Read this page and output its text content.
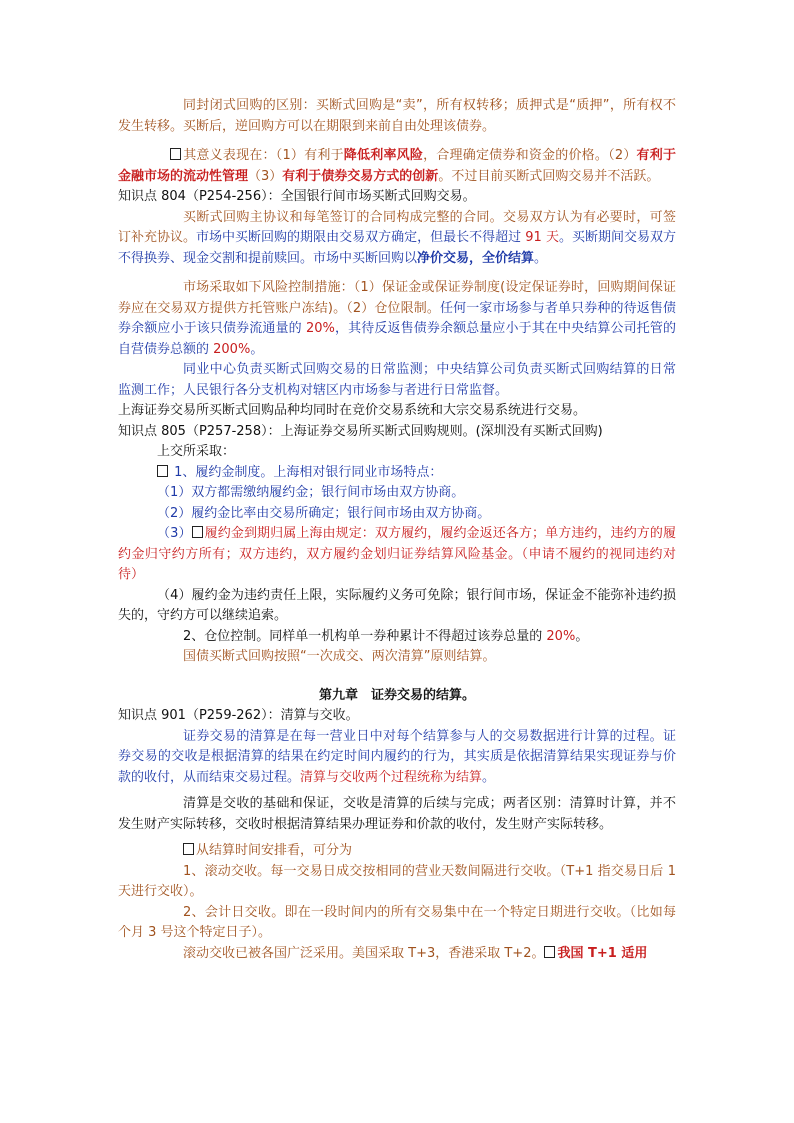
同封闭式回购的区别：买断式回购是“卖”，所有权转移；质押式是“质押”，所有权不发生转移。买断后，逆回购方可以在期限到来前自由处理该债券。

其意义表现在：（1）有利于降低利率风险，合理确定债券和资金的价格。（2）有利于金融市场的流动性管理（3）有利于债券交易方式的创新。不过目前买断式回购交易并不活跃。

知识点 804（P254-256）：全国银行间市场买断式回购交易。

买断式回购主协议和每笔签订的合同构成完整的合同。交易双方认为有必要时，可签订补充协议。市场中买断回购的期限由交易双方确定，但最长不得超过 91 天。买断期间交易双方不得换券、现金交割和提前赎回。市场中买断回购以净价交易，全价结算。

市场采取如下风险控制措施：（1）保证金或保证券制度(设定保证券时，回购期间保证券应在交易双方提供方托管账户冻结)。（2）仓位限制。任何一家市场参与者单只券种的待返售债券余额应小于该只债券流通量的 20%，其待反返售债券余额总量应小于其在中央结算公司托管的自营债券总额的 200%。

同业中心负责买断式回购交易的日常监测；中央结算公司负责买断式回购结算的日常监测工作；人民银行各分支机构对辖区内市场参与者进行日常监督。

上海证券交易所买断式回购品种均同时在竞价交易系统和大宗交易系统进行交易。

知识点 805（P257-258）：上海证券交易所买断式回购规则。(深圳没有买断式回购)

上交所采取：

1、履约金制度。上海相对银行同业市场特点：

（1）双方都需缴纳履约金；银行间市场由双方协商。

（2）履约金比率由交易所确定；银行间市场由双方协商。

（3） 履约金到期归属上海由规定：双方履约，履约金返还各方；单方违约，违约方的履约金归守约方所有；双方违约，双方履约金划归证券结算风险基金。（申请不履约的视同违约对待）

（4）履约金为违约责任上限，实际履约义务可免除；银行间市场，保证金不能弥补违约损失的，守约方可以继续追索。

2、仓位控制。同样单一机构单一券种累计不得超过该券总量的 20%。

国债买断式回购按照“一次成交、两次清算”原则结算。

第九章　证券交易的结算。

知识点 901（P259-262）：清算与交收。

证券交易的清算是在每一营业日中对每个结算参与人的交易数据进行计算的过程。证券交易的交收是根据清算的结果在约定时间内履约的行为，其实质是依据清算结果实现证券与价款的收付，从而结束交易过程。清算与交收两个过程统称为结算。

清算是交收的基础和保证，交收是清算的后续与完成；两者区别：清算时计算，并不发生财产实际转移，交收时根据清算结果办理证券和价款的收付，发生财产实际转移。

从结算时间安排看，可分为

1、滚动交收。每一交易日成交按相同的营业天数间隔进行交收。（T+1 指交易日后 1 天进行交收）。

2、会计日交收。即在一段时间内的所有交易集中在一个特定日期进行交收。（比如每个月 3 号这个特定日子）。

滚动交收已被各国广泛采用。美国采取 T+3，香港采取 T+2。 我国 T+1 适用
